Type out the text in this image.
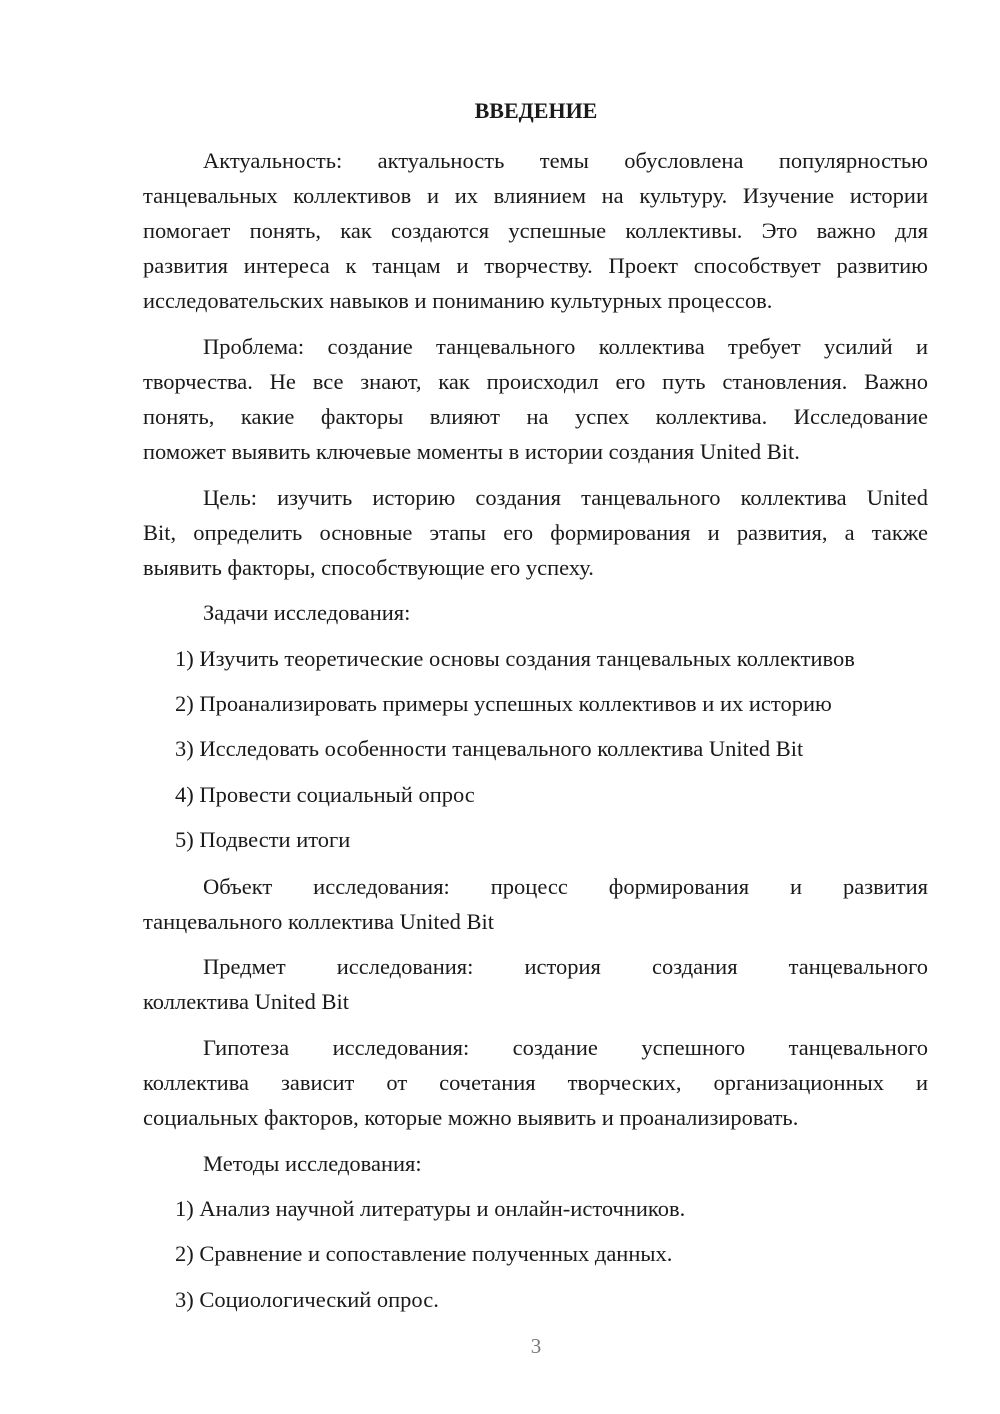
ВВЕДЕНИЕ
Актуальность: актуальность темы обусловлена популярностью
танцевальных коллективов и их влиянием на культуру. Изучение истории
помогает понять, как создаются успешные коллективы. Это важно для
развития интереса к танцам и творчеству. Проект способствует развитию
исследовательских навыков и пониманию культурных процессов.
Проблема: создание танцевального коллектива требует усилий и
творчества. Не все знают, как происходил его путь становления. Важно
понять, какие факторы влияют на успех коллектива. Исследование
поможет выявить ключевые моменты в истории создания United Bit.
Цель: изучить историю создания танцевального коллектива United
Bit, определить основные этапы его формирования и развития, а также
выявить факторы, способствующие его успеху.
Задачи исследования:
1) Изучить теоретические основы создания танцевальных коллективов
2) Проанализировать примеры успешных коллективов и их историю
3) Исследовать особенности танцевального коллектива United Bit
4) Провести социальный опрос
5) Подвести итоги
Объект исследования: процесс формирования и развития
танцевального коллектива United Bit
Предмет исследования: история создания танцевального
коллектива United Bit
Гипотеза исследования: создание успешного танцевального
коллектива зависит от сочетания творческих, организационных и
социальных факторов, которые можно выявить и проанализировать.
Методы исследования:
1) Анализ научной литературы и онлайн-источников.
2) Сравнение и сопоставление полученных данных.
3) Социологический опрос.
3
